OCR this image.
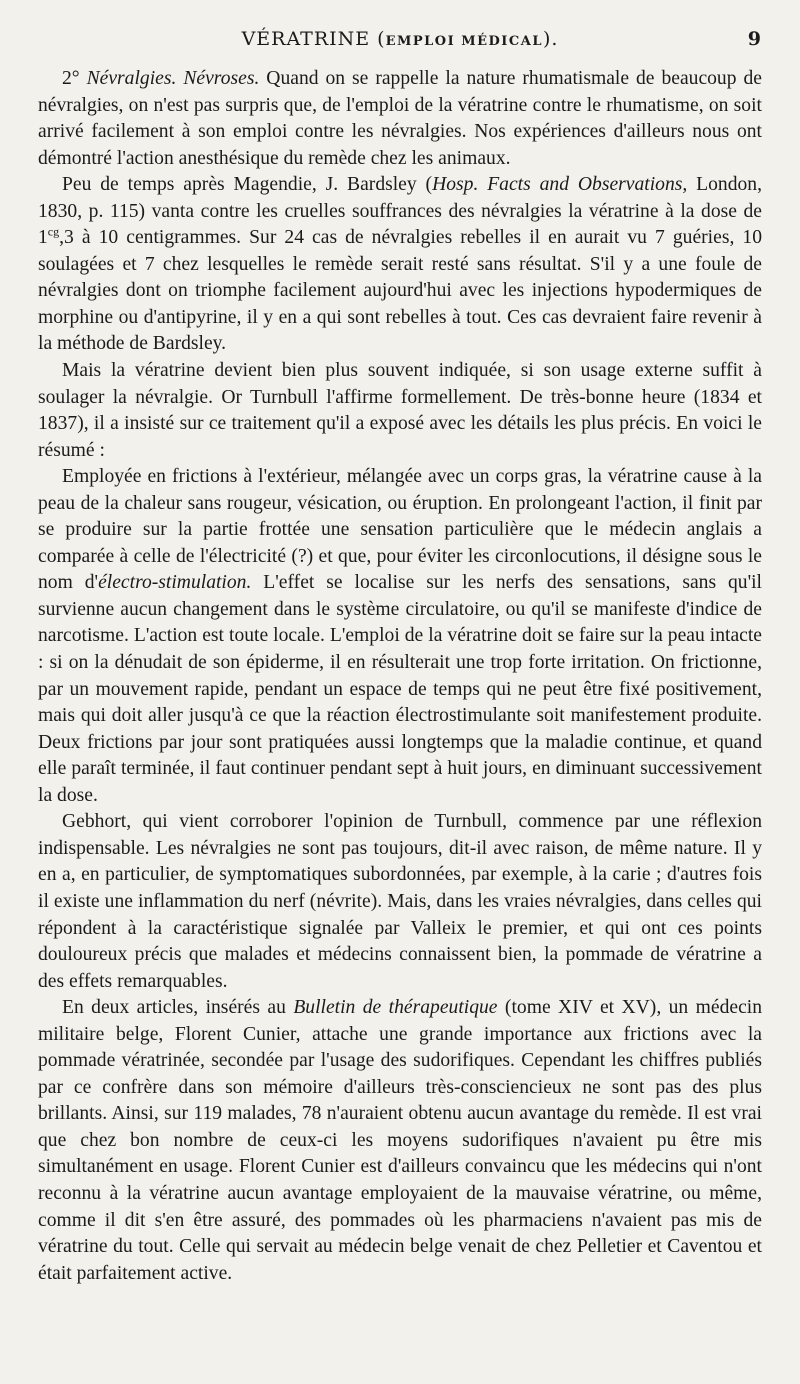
VÉRATRINE (EMPLOI MÉDICAL).	9

2° Névralgies. Névroses. Quand on se rappelle la nature rhumatismale de beaucoup de névralgies, on n'est pas surpris que, de l'emploi de la vératrine contre le rhumatisme, on soit arrivé facilement à son emploi contre les névralgies. Nos expériences d'ailleurs nous ont démontré l'action anesthésique du remède chez les animaux.

Peu de temps après Magendie, J. Bardsley (Hosp. Facts and Observations, London, 1830, p. 115) vanta contre les cruelles souffrances des névralgies la vératrine à la dose de $1^{cg},3$ à 10 centigrammes. Sur 24 cas de névralgies rebelles il en aurait vu 7 guéries, 10 soulagées et 7 chez lesquelles le remède serait resté sans résultat. S'il y a une foule de névralgies dont on triomphe facilement aujourd'hui avec les injections hypodermiques de morphine ou d'antipyrine, il y en a qui sont rebelles à tout. Ces cas devraient faire revenir à la méthode de Bardsley.

Mais la vératrine devient bien plus souvent indiquée, si son usage externe suffit à soulager la névralgie. Or Turnbull l'affirme formellement. De très-bonne heure (1834 et 1837), il a insisté sur ce traitement qu'il a exposé avec les détails les plus précis. En voici le résumé :

Employée en frictions à l'extérieur, mélangée avec un corps gras, la vératrine cause à la peau de la chaleur sans rougeur, vésication, ou éruption. En prolongeant l'action, il finit par se produire sur la partie frottée une sensation particulière que le médecin anglais a comparée à celle de l'électricité (?) et que, pour éviter les circonlocutions, il désigne sous le nom d'électro-stimulation. L'effet se localise sur les nerfs des sensations, sans qu'il survienne aucun changement dans le système circulatoire, ou qu'il se manifeste d'indice de narcotisme. L'action est toute locale. L'emploi de la vératrine doit se faire sur la peau intacte : si on la dénudait de son épiderme, il en résulterait une trop forte irritation. On frictionne, par un mouvement rapide, pendant un espace de temps qui ne peut être fixé positivement, mais qui doit aller jusqu'à ce que la réaction électrostimulante soit manifestement produite. Deux frictions par jour sont pratiquées aussi longtemps que la maladie continue, et quand elle paraît terminée, il faut continuer pendant sept à huit jours, en diminuant successivement la dose.

Gebhort, qui vient corroborer l'opinion de Turnbull, commence par une réflexion indispensable. Les névralgies ne sont pas toujours, dit-il avec raison, de même nature. Il y en a, en particulier, de symptomatiques subordonnées, par exemple, à la carie ; d'autres fois il existe une inflammation du nerf (névrite). Mais, dans les vraies névralgies, dans celles qui répondent à la caractéristique signalée par Valleix le premier, et qui ont ces points douloureux précis que malades et médecins connaissent bien, la pommade de vératrine a des effets remarquables.

En deux articles, insérés au Bulletin de thérapeutique (tome XIV et XV), un médecin militaire belge, Florent Cunier, attache une grande importance aux frictions avec la pommade vératrinée, secondée par l'usage des sudorifiques. Cependant les chiffres publiés par ce confrère dans son mémoire d'ailleurs très-consciencieux ne sont pas des plus brillants. Ainsi, sur 119 malades, 78 n'auraient obtenu aucun avantage du remède. Il est vrai que chez bon nombre de ceux-ci les moyens sudorifiques n'avaient pu être mis simultanément en usage. Florent Cunier est d'ailleurs convaincu que les médecins qui n'ont reconnu à la vératrine aucun avantage employaient de la mauvaise vératrine, ou même, comme il dit s'en être assuré, des pommades où les pharmaciens n'avaient pas mis de vératrine du tout. Celle qui servait au médecin belge venait de chez Pelletier et Caventou et était parfaitement active.
